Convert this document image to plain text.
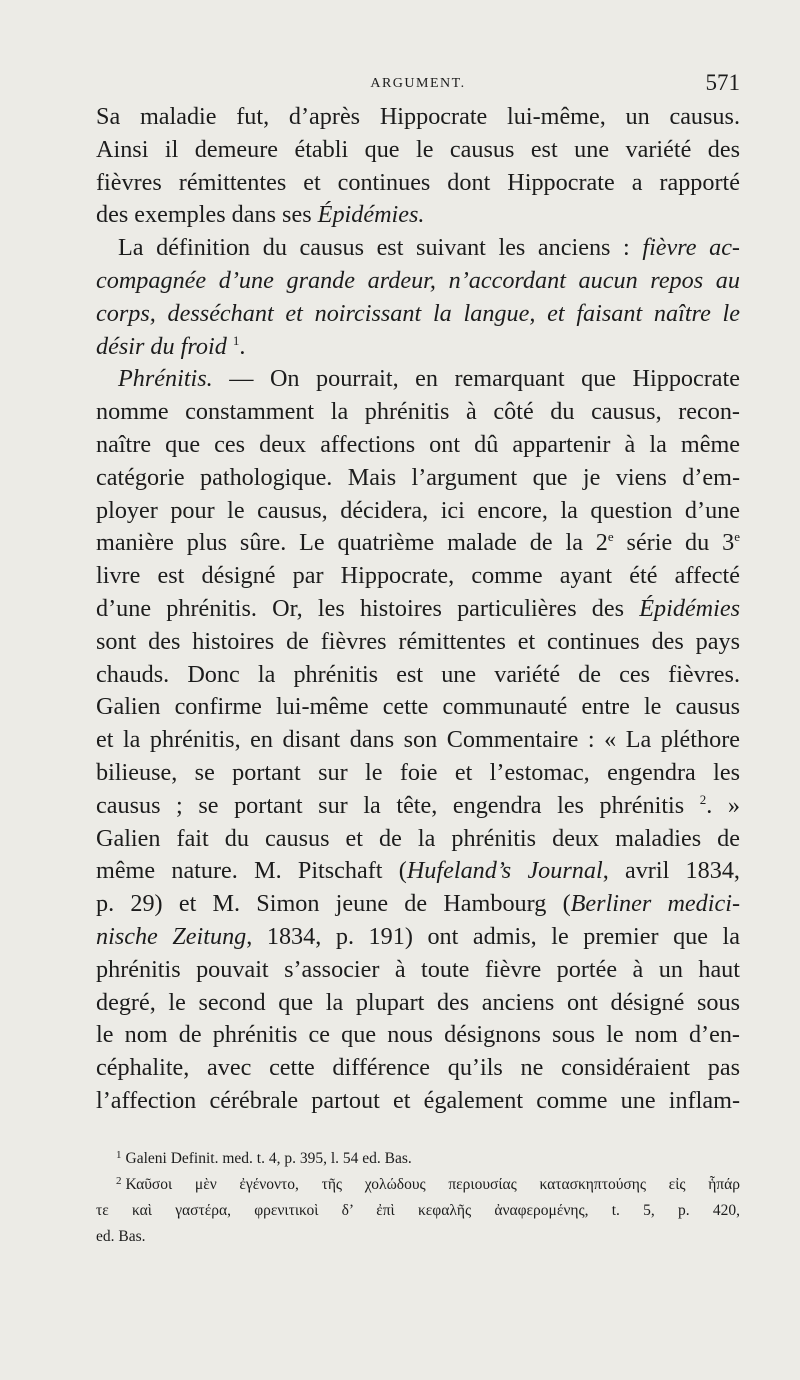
ARGUMENT.	571
Sa maladie fut, d’après Hippocrate lui-même, un causus.
Ainsi il demeure établi que le causus est une variété des
fièvres rémittentes et continues dont Hippocrate a rapporté
des exemples dans ses Épidémies.
La définition du causus est suivant les anciens : fièvre ac-
compagnée d’une grande ardeur, n’accordant aucun repos au
corps, desséchant et noircissant la langue, et faisant naître le
désir du froid $^1$.
Phrénitis. — On pourrait, en remarquant que Hippocrate
nomme constamment la phrénitis à côté du causus, recon-
naître que ces deux affections ont dû appartenir à la même
catégorie pathologique. Mais l’argument que je viens d’em-
ployer pour le causus, décidera, ici encore, la question d’une
manière plus sûre. Le quatrième malade de la 2e série du 3e
livre est désigné par Hippocrate, comme ayant été affecté
d’une phrénitis. Or, les histoires particulières des Épidémies
sont des histoires de fièvres rémittentes et continues des pays
chauds. Donc la phrénitis est une variété de ces fièvres.
Galien confirme lui-même cette communauté entre le causus
et la phrénitis, en disant dans son Commentaire : « La pléthore
bilieuse, se portant sur le foie et l’estomac, engendra les
causus ; se portant sur la tête, engendra les phrénitis $^2$. »
Galien fait du causus et de la phrénitis deux maladies de
même nature. M. Pitschaft (Hufeland’s Journal, avril 1834,
p. 29) et M. Simon jeune de Hambourg (Berliner medici-
nische Zeitung, 1834, p. 191) ont admis, le premier que la
phrénitis pouvait s’associer à toute fièvre portée à un haut
degré, le second que la plupart des anciens ont désigné sous
le nom de phrénitis ce que nous désignons sous le nom d’en-
céphalite, avec cette différence qu’ils ne considéraient pas
l’affection cérébrale partout et également comme une inflam-
$^1$ Galeni Definit. med. t. 4, p. 395, l. 54 ed. Bas.
$^2$ Καῦσοι μὲν ἐγένοντο, τῆς χολώδους περιουσίας κατασκηπτούσης εἰς ἧπάρ
τε καὶ γαστέρα, φρενιτικοὶ δ’ ἐπὶ κεφαλῆς ἀναφερομένης, t. 5, p. 420,
ed. Bas.
